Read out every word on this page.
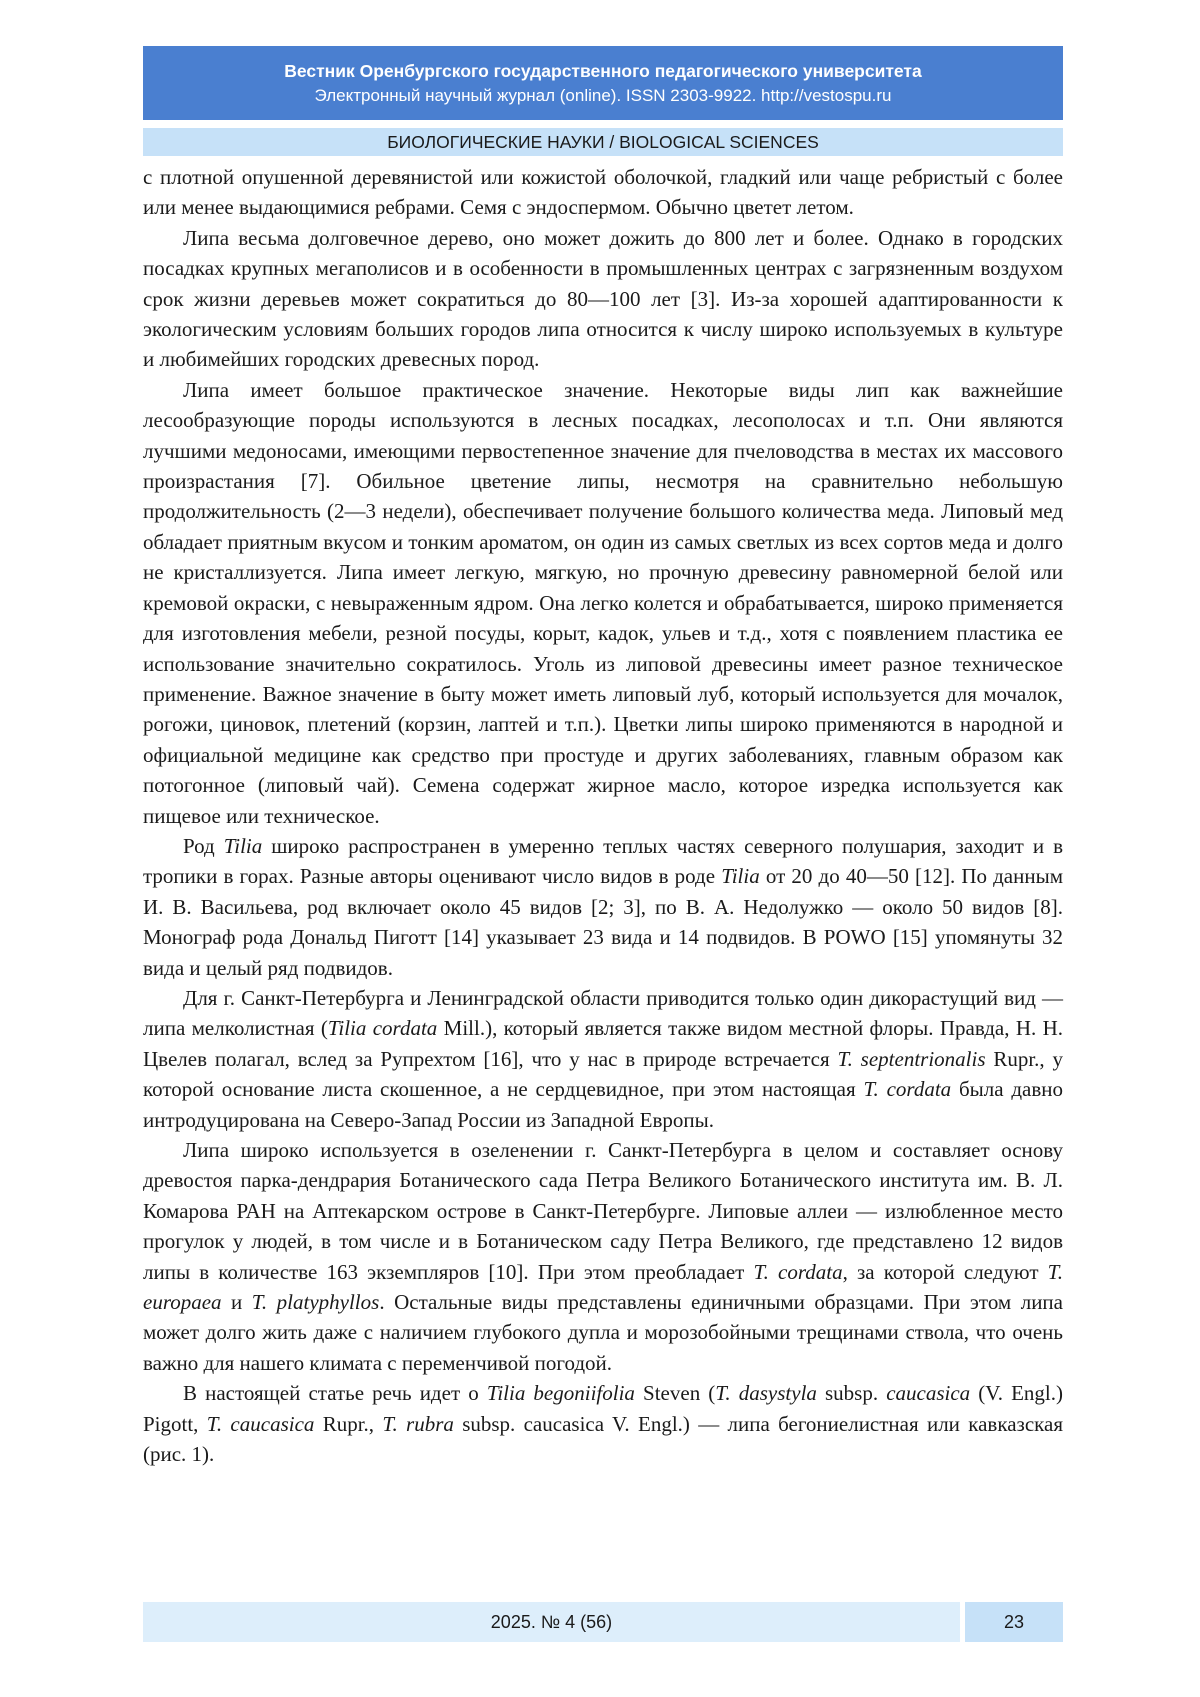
Вестник Оренбургского государственного педагогического университета
Электронный научный журнал (online). ISSN 2303-9922. http://vestospu.ru
БИОЛОГИЧЕСКИЕ НАУКИ / BIOLOGICAL SCIENCES

с плотной опушенной деревянистой или кожистой оболочкой, гладкий или чаще ребристый с более или менее выдающимися ребрами. Семя с эндоспермом. Обычно цветет летом.

Липа весьма долговечное дерево, оно может дожить до 800 лет и более. Однако в городских посадках крупных мегаполисов и в особенности в промышленных центрах с загрязненным воздухом срок жизни деревьев может сократиться до 80—100 лет [3]. Из-за хорошей адаптированности к экологическим условиям больших городов липа относится к числу широко используемых в культуре и любимейших городских древесных пород.

Липа имеет большое практическое значение. Некоторые виды лип как важнейшие лесообразующие породы используются в лесных посадках, лесополосах и т.п. Они являются лучшими медоносами, имеющими первостепенное значение для пчеловодства в местах их массового произрастания [7]. Обильное цветение липы, несмотря на сравнительно небольшую продолжительность (2—3 недели), обеспечивает получение большого количества меда. Липовый мед обладает приятным вкусом и тонким ароматом, он один из самых светлых из всех сортов меда и долго не кристаллизуется. Липа имеет легкую, мягкую, но прочную древесину равномерной белой или кремовой окраски, с невыраженным ядром. Она легко колется и обрабатывается, широко применяется для изготовления мебели, резной посуды, корыт, кадок, ульев и т.д., хотя с появлением пластика ее использование значительно сократилось. Уголь из липовой древесины имеет разное техническое применение. Важное значение в быту может иметь липовый луб, который используется для мочалок, рогожи, циновок, плетений (корзин, лаптей и т.п.). Цветки липы широко применяются в народной и официальной медицине как средство при простуде и других заболеваниях, главным образом как потогонное (липовый чай). Семена содержат жирное масло, которое изредка используется как пищевое или техническое.

Род Tilia широко распространен в умеренно теплых частях северного полушария, заходит и в тропики в горах. Разные авторы оценивают число видов в роде Tilia от 20 до 40—50 [12]. По данным И. В. Васильева, род включает около 45 видов [2; 3], по В. А. Недолужко — около 50 видов [8]. Монограф рода Дональд Пиготт [14] указывает 23 вида и 14 подвидов. В POWO [15] упомянуты 32 вида и целый ряд подвидов.

Для г. Санкт-Петербурга и Ленинградской области приводится только один дикорастущий вид — липа мелколистная (Tilia cordata Mill.), который является также видом местной флоры. Правда, Н. Н. Цвелев полагал, вслед за Рупрехтом [16], что у нас в природе встречается T. septentrionalis Rupr., у которой основание листа скошенное, а не сердцевидное, при этом настоящая T. cordata была давно интродуцирована на Северо-Запад России из Западной Европы.

Липа широко используется в озеленении г. Санкт-Петербурга в целом и составляет основу древостоя парка-дендрария Ботанического сада Петра Великого Ботанического института им. В. Л. Комарова РАН на Аптекарском острове в Санкт-Петербурге. Липовые аллеи — излюбленное место прогулок у людей, в том числе и в Ботаническом саду Петра Великого, где представлено 12 видов липы в количестве 163 экземпляров [10]. При этом преобладает T. cordata, за которой следуют T. europaea и T. platyphyllos. Остальные виды представлены единичными образцами. При этом липа может долго жить даже с наличием глубокого дупла и морозобойными трещинами ствола, что очень важно для нашего климата с переменчивой погодой.

В настоящей статье речь идет о Tilia begoniifolia Steven (T. dasystyla subsp. caucasica (V. Engl.) Pigott, T. caucasica Rupr., T. rubra subsp. caucasica V. Engl.) — липа бегониелистная или кавказская (рис. 1).

2025. № 4 (56)	23
